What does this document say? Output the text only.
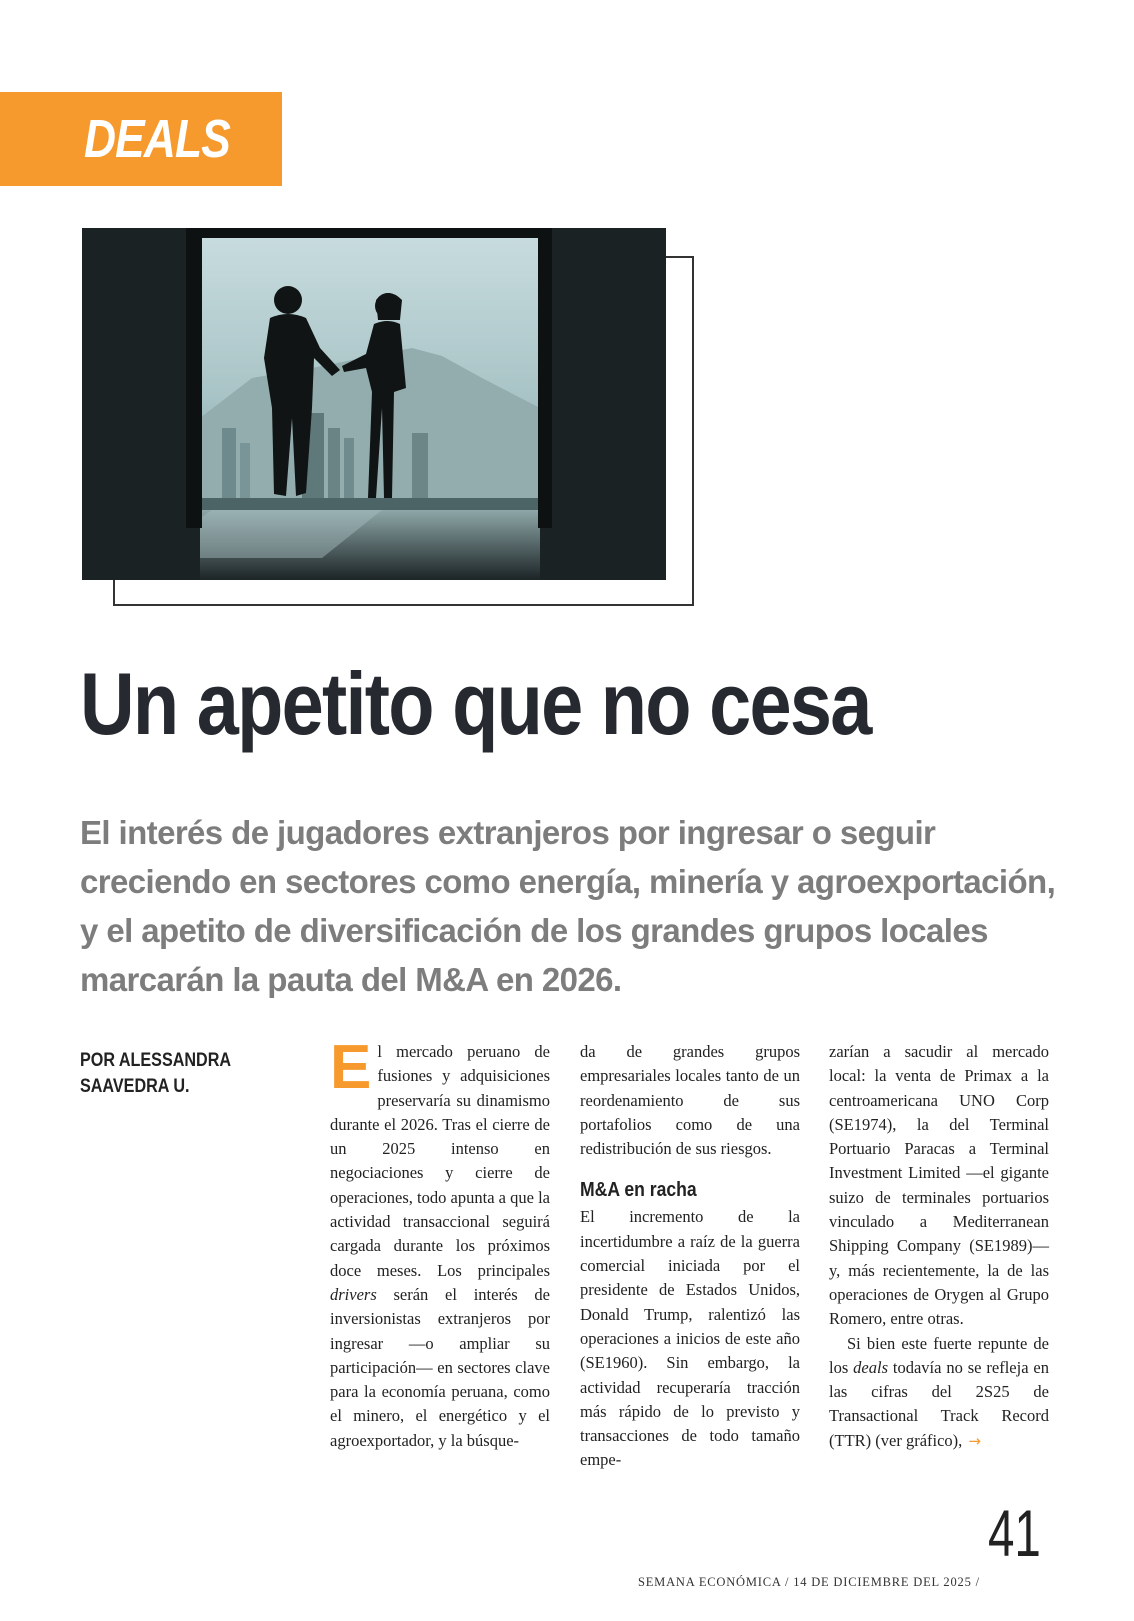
DEALS
Un apetito que no cesa

El interés de jugadores extranjeros por ingresar o seguir creciendo en sectores como energía, minería y agroexportación, y el apetito de diversificación de los grandes grupos locales marcarán la pauta del M&A en 2026.

POR ALESSANDRA
SAAVEDRA U.	E l mercado peruano de fusiones y adquisiciones preservaría su dinamismo durante el 2026. Tras el cierre de un 2025 intenso en negociaciones y cierre de operaciones, todo apunta a que la actividad transaccional seguirá cargada durante los próximos doce meses. Los principales drivers serán el interés de inversionistas extranjeros por ingresar —o ampliar su participación— en sectores clave para la economía peruana, como el minero, el energético y el agroexportador, y la búsque-

da de grandes grupos empresariales locales tanto de un reordenamiento de sus portafolios como de una redistribución de sus riesgos.

M&A en racha

El incremento de la incertidumbre a raíz de la guerra comercial iniciada por el presidente de Estados Unidos, Donald Trump, ralentizó las operaciones a inicios de este año (SE1960). Sin embargo, la actividad recuperaría tracción más rápido de lo previsto y transacciones de todo tamaño empe-

zarían a sacudir al mercado local: la venta de Primax a la centroamericana UNO Corp (SE1974), la del Terminal Portuario Paracas a Terminal Investment Limited —el gigante suizo de terminales portuarios vinculado a Mediterranean Shipping Company (SE1989)— y, más recientemente, la de las operaciones de Orygen al Grupo Romero, entre otras.

Si bien este fuerte repunte de los deals todavía no se refleja en las cifras del 2S25 de Transactional Track Record (TTR) (ver gráfico), →

SEMANA ECONÓMICA / 14 DE DICIEMBRE DEL 2025 /
41
